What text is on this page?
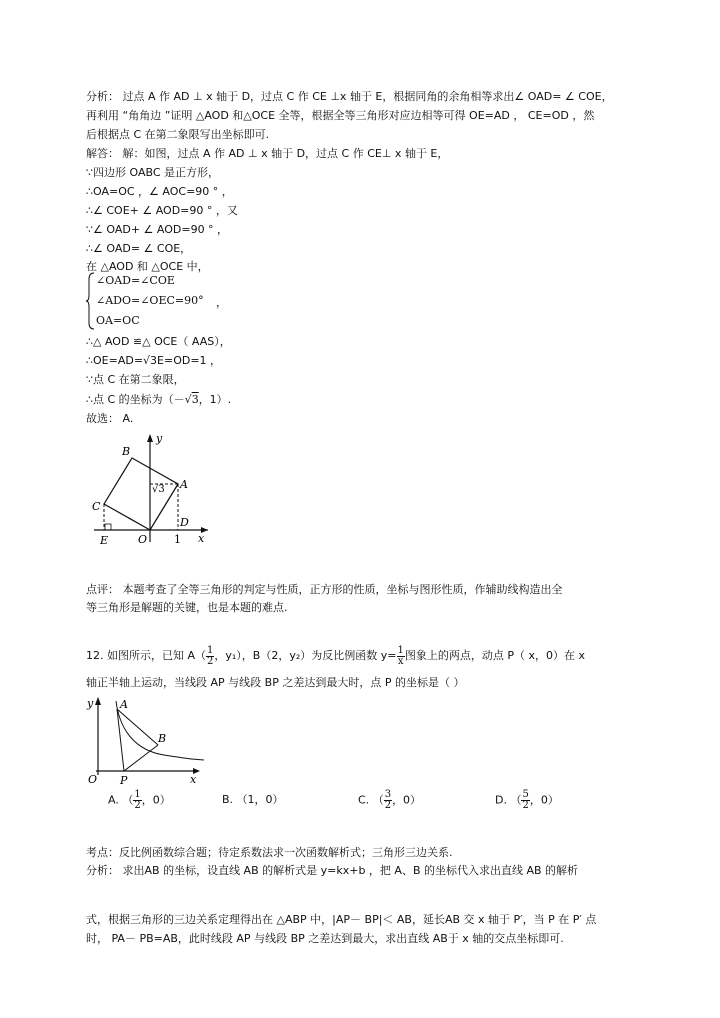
分析： 过点 A 作 AD ⊥ x 轴于 D，过点 C 作 CE ⊥x 轴于 E，根据同角的余角相等求出∠ OAD= ∠ COE，
再利用 “角角边 ”证明 △AOD 和△OCE 全等，根据全等三角形对应边相等可得 OE=AD ， CE=OD ，然
后根据点 C 在第二象限写出坐标即可.
解答： 解：如图，过点 A 作 AD ⊥ x 轴于 D，过点 C 作 CE⊥ x 轴于 E，
∵四边形 OABC 是正方形，
∴OA=OC ，∠ AOC=90 ° ，
∴∠ COE+ ∠ AOD=90 ° ，又
∵∠ OAD+ ∠ AOD=90 ° ，
∴∠ OAD= ∠ COE，
在 △AOD 和 △OCE 中，
∠OAD=∠COE
∠ADO=∠OEC=90°
OA=OC
，
∴△ AOD ≌△ OCE（ AAS），
∴OE=AD=√3E=OD=1 ，
∵点 C 在第二象限，
∴点 C 的坐标为（－√3，1）.
故选： A.
y
x
B
A
C
D
E	O 1
√3
点评： 本题考查了全等三角形的判定与性质，正方形的性质，坐标与图形性质，作辅助线构造出全
等三角形是解题的关键，也是本题的难点.
12. 如图所示，已知 $A( \frac{1}{2}$ ，y₁），B（2，y₂）为反比例函数 $y= \frac{1}{x}$ 图象上的两点，动点 P（ x，0）在 x
轴正半轴上运动，当线段 AP 与线段 BP 之差达到最大时，点 P 的坐标是（ ）
y A
B
O P	x
A. （ $\frac{1}{2}$ ，0）	B. （1，0）	C. （ $\frac{3}{2}$ ，0）	D. （ $\frac{5}{2}$ ，0）
考点：反比例函数综合题；待定系数法求一次函数解析式；三角形三边关系.
分析： 求出AB 的坐标，设直线 AB 的解析式是 y=kx+b ，把 A、B 的坐标代入求出直线 AB 的解析
式，根据三角形的三边关系定理得出在 △ABP 中，|AP－ BP|＜ AB，延长AB 交 x 轴于 P′，当 P 在 P′ 点
时， PA－ PB=AB，此时线段 AP 与线段 BP 之差达到最大，求出直线 AB于 x 轴的交点坐标即可.
